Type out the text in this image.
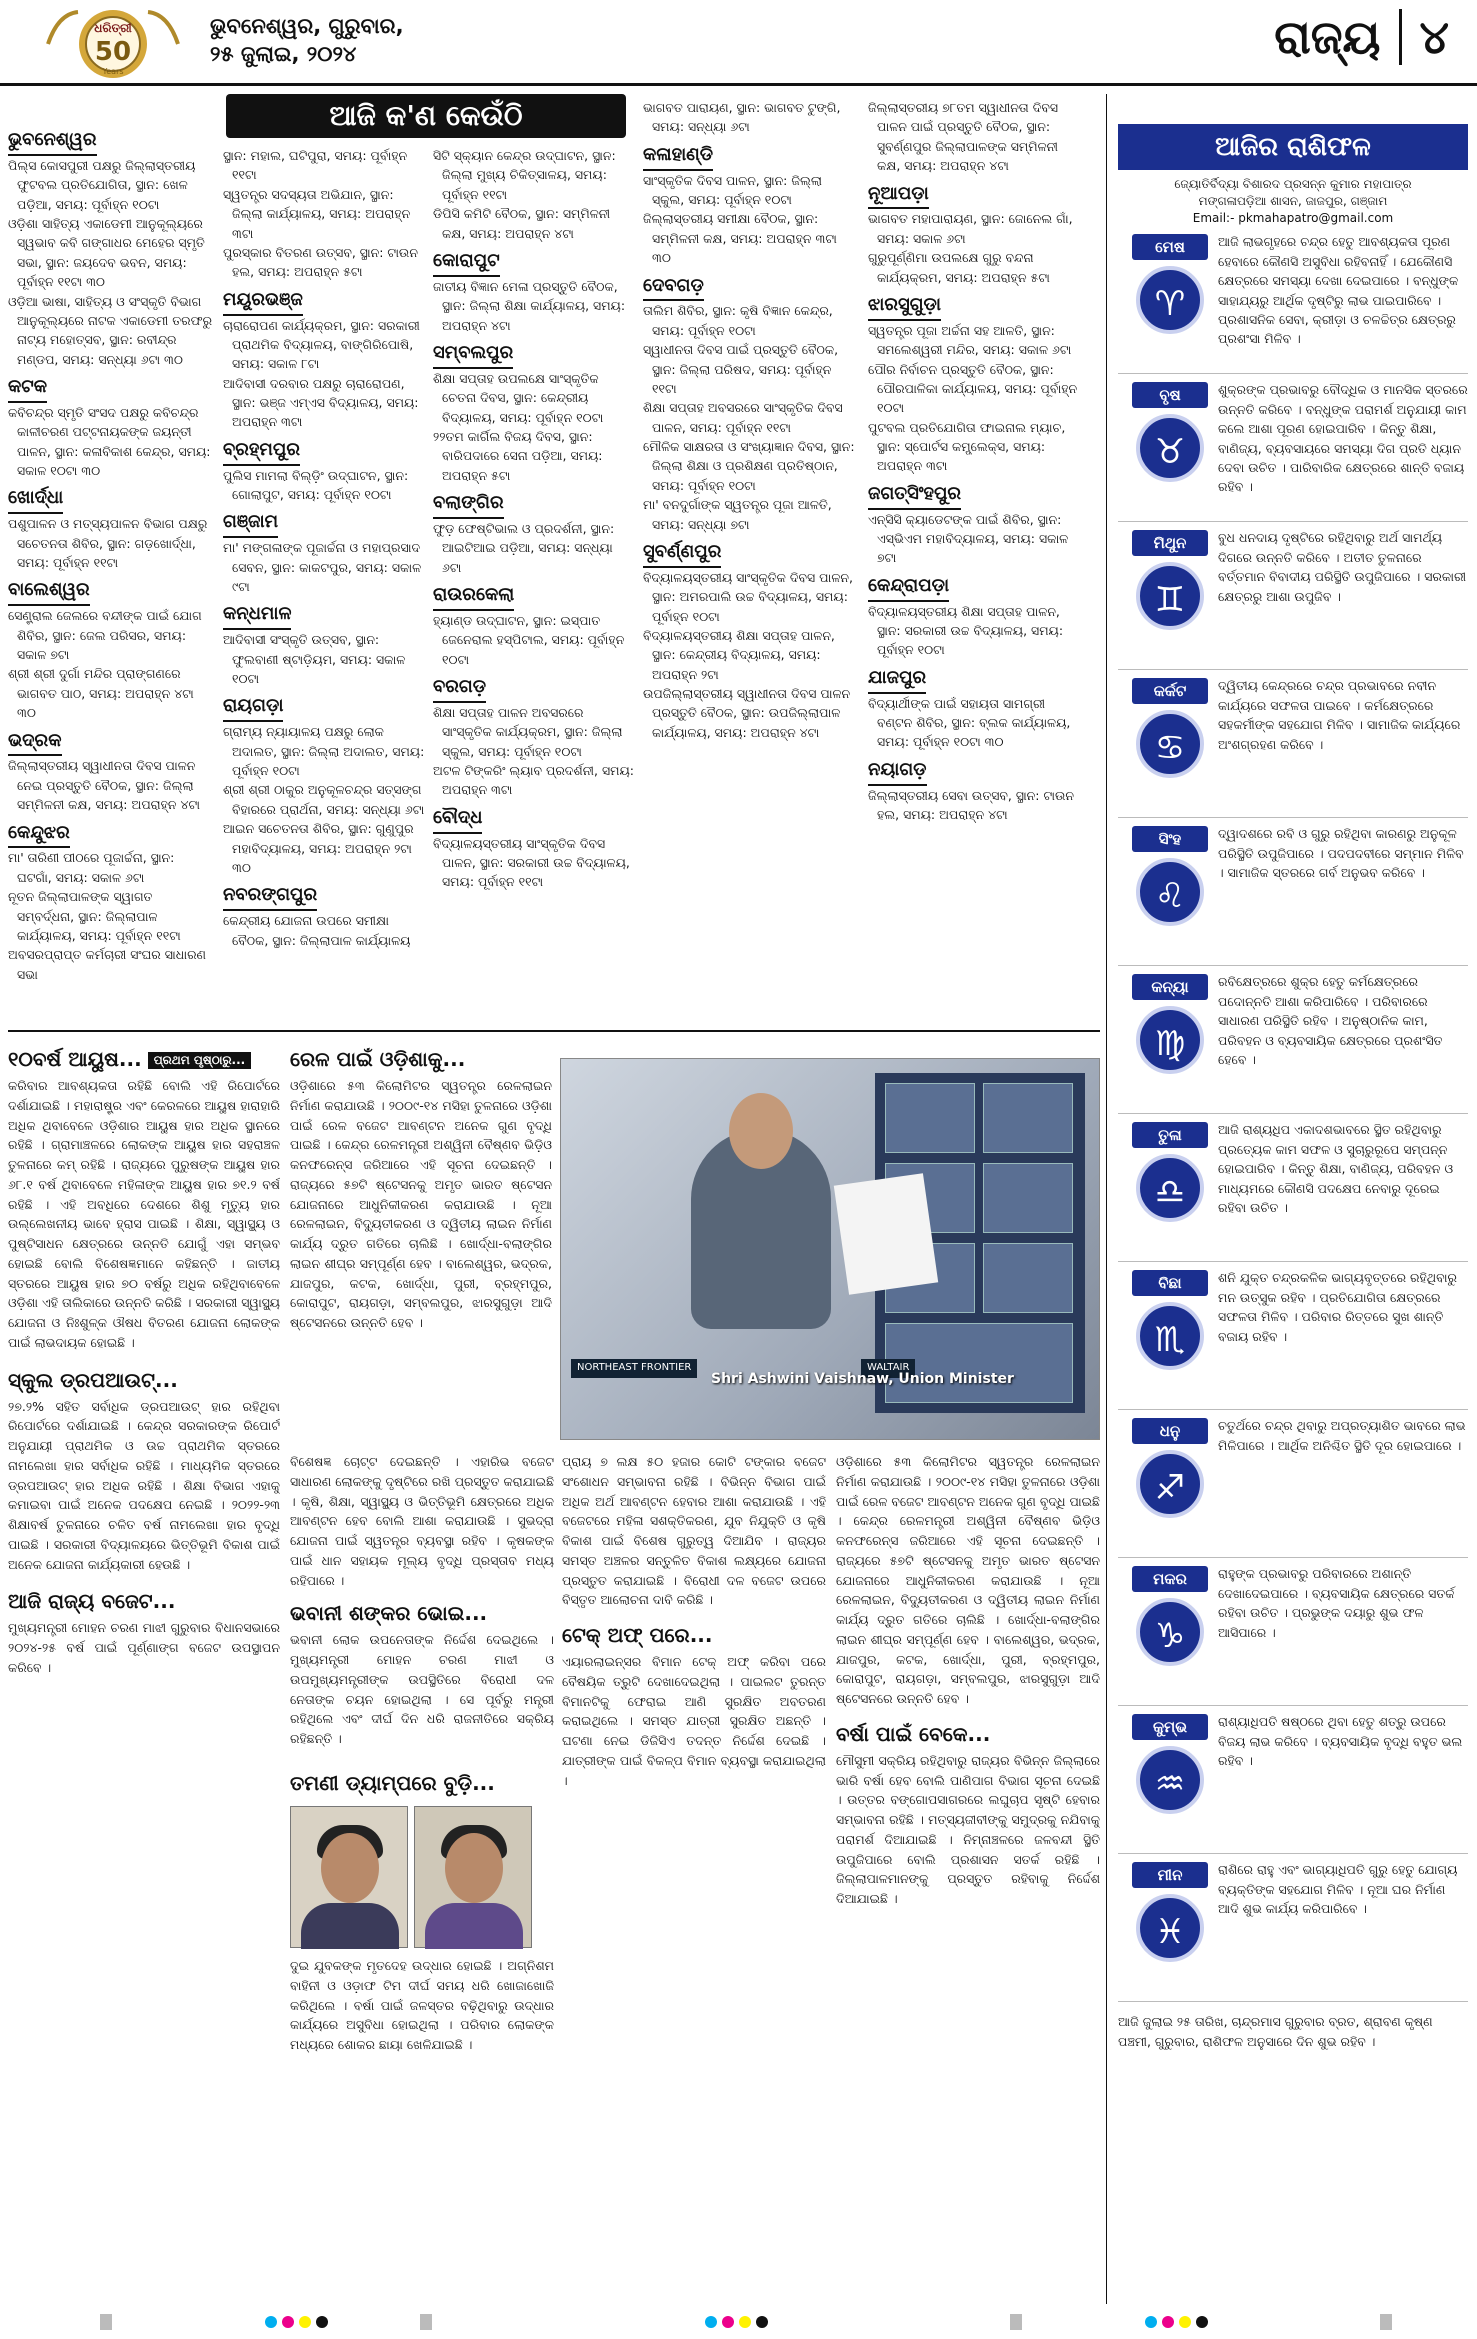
ଧରିତ୍ରୀ
50
Years
ଭୁବନେଶ୍ୱର, ଗୁରୁବାର,
୨୫ ଜୁଲାଇ, ୨୦୨୪	ରାଜ୍ୟ ୪
ଆଜି କ'ଣ କେଉଁଠି
ଭୁବନେଶ୍ୱର
ପିଲ୍ସ କୋସପୁରୀ ପକ୍ଷରୁ ଜିଲ୍ଲାସ୍ତରୀୟ ଫୁଟବଲ ପ୍ରତିଯୋଗିତା, ସ୍ଥାନ: ଖେଳ ପଡ଼ିଆ, ସମୟ: ପୂର୍ବାହ୍ନ ୧୦ଟା
ଓଡ଼ିଶା ସାହିତ୍ୟ ଏକାଡେମୀ ଆନୁକୂଲ୍ୟରେ ସ୍ୱଭାବ କବି ଗଙ୍ଗାଧର ମେହେର ସ୍ମୃତି ସଭା, ସ୍ଥାନ: ଜୟଦେବ ଭବନ, ସମୟ: ପୂର୍ବାହ୍ନ ୧୧ଟା ୩୦
ଓଡ଼ିଆ ଭାଷା, ସାହିତ୍ୟ ଓ ସଂସ୍କୃତି ବିଭାଗ ଆନୁକୂଲ୍ୟରେ ନାଟକ ଏକାଡେମୀ ତରଫରୁ ନାଟ୍ୟ ମହୋତ୍ସବ, ସ୍ଥାନ: ରବୀନ୍ଦ୍ର ମଣ୍ଡପ, ସମୟ: ସନ୍ଧ୍ୟା ୬ଟା ୩୦
କଟକ
କବିଚନ୍ଦ୍ର ସ୍ମୃତି ସଂସଦ ପକ୍ଷରୁ କବିଚନ୍ଦ୍ର କାଳୀଚରଣ ପଟ୍ଟନାୟକଙ୍କ ଜୟନ୍ତୀ ପାଳନ, ସ୍ଥାନ: କଳାବିକାଶ କେନ୍ଦ୍ର, ସମୟ: ସକାଳ ୧୦ଟା ୩୦
ଖୋର୍ଦ୍ଧା
ପଶୁପାଳନ ଓ ମତ୍ସ୍ୟପାଳନ ବିଭାଗ ପକ୍ଷରୁ ସଚେତନତା ଶିବିର, ସ୍ଥାନ: ଗଡ଼ଖୋର୍ଦ୍ଧା, ସମୟ: ପୂର୍ବାହ୍ନ ୧୧ଟା
ବାଲେଶ୍ୱର
ସେଣ୍ଟ୍ରାଲ ଜେଲରେ ବନ୍ଦୀଙ୍କ ପାଇଁ ଯୋଗ ଶିବିର, ସ୍ଥାନ: ଜେଲ ପରିସର, ସମୟ: ସକାଳ ୭ଟା
ଶ୍ରୀ ଶ୍ରୀ ଦୁର୍ଗା ମନ୍ଦିର ପ୍ରାଙ୍ଗଣରେ ଭାଗବତ ପାଠ, ସମୟ: ଅପରାହ୍ନ ୪ଟା ୩୦
ଭଦ୍ରକ
ଜିଲ୍ଲାସ୍ତରୀୟ ସ୍ୱାଧୀନତା ଦିବସ ପାଳନ ନେଇ ପ୍ରସ୍ତୁତି ବୈଠକ, ସ୍ଥାନ: ଜିଲ୍ଲା ସମ୍ମିଳନୀ କକ୍ଷ, ସମୟ: ଅପରାହ୍ନ ୪ଟା
କେନ୍ଦୁଝର
ମା' ତାରିଣୀ ପୀଠରେ ପୂଜାର୍ଚ୍ଚନା, ସ୍ଥାନ: ଘଟଗାଁ, ସମୟ: ସକାଳ ୬ଟା
ନୂତନ ଜିଲ୍ଲାପାଳଙ୍କ ସ୍ୱାଗତ ସମ୍ବର୍ଦ୍ଧନା, ସ୍ଥାନ: ଜିଲ୍ଲାପାଳ କାର୍ଯ୍ୟାଳୟ, ସମୟ: ପୂର୍ବାହ୍ନ ୧୧ଟା
ଅବସରପ୍ରାପ୍ତ କର୍ମଚାରୀ ସଂଘର ସାଧାରଣ ସଭା
ସ୍ଥାନ: ମହାଲ, ଘଟିପୁରା, ସମୟ: ପୂର୍ବାହ୍ନ ୧୧ଟା
ସ୍ୱତନ୍ତ୍ର ସଦସ୍ୟତା ଅଭିଯାନ, ସ୍ଥାନ: ଜିଲ୍ଲା କାର୍ଯ୍ୟାଳୟ, ସମୟ: ଅପରାହ୍ନ ୩ଟା
ପୁରସ୍କାର ବିତରଣ ଉତ୍ସବ, ସ୍ଥାନ: ଟାଉନ ହଲ, ସମୟ: ଅପରାହ୍ନ ୫ଟା
ମୟୂରଭଞ୍ଜ
ଚାରାରୋପଣ କାର୍ଯ୍ୟକ୍ରମ, ସ୍ଥାନ: ସରକାରୀ ପ୍ରାଥମିକ ବିଦ୍ୟାଳୟ, ବାଙ୍ଗିରିପୋଷି, ସମୟ: ସକାଳ ୮ଟା
ଆଦିବାସୀ ଦରବାର ପକ୍ଷରୁ ଚାରାରୋପଣ, ସ୍ଥାନ: ଭଞ୍ଜ ଏମ୍‌ଏସ ବିଦ୍ୟାଳୟ, ସମୟ: ଅପରାହ୍ନ ୩ଟା
ବ୍ରହ୍ମପୁର
ପୁଲିସ ମାମଲା ବିଲ୍ଡ଼ିଂ ଉଦ୍‌ଘାଟନ, ସ୍ଥାନ: ଗୋଲାପୁଟ, ସମୟ: ପୂର୍ବାହ୍ନ ୧୦ଟା
ଗଞ୍ଜାମ
ମା' ମଙ୍ଗଳାଙ୍କ ପୂଜାର୍ଚ୍ଚନା ଓ ମହାପ୍ରସାଦ ସେବନ, ସ୍ଥାନ: କାକଟପୁର, ସମୟ: ସକାଳ ୯ଟା
କନ୍ଧମାଳ
ଆଦିବାସୀ ସଂସ୍କୃତି ଉତ୍ସବ, ସ୍ଥାନ: ଫୁଲବାଣୀ ଷ୍ଟାଡ଼ିୟମ, ସମୟ: ସକାଳ ୧୦ଟା
ରାୟଗଡ଼ା
ଗ୍ରାମ୍ୟ ନ୍ୟାୟାଳୟ ପକ୍ଷରୁ ଲୋକ ଅଦାଲତ, ସ୍ଥାନ: ଜିଲ୍ଲା ଅଦାଲତ, ସମୟ: ପୂର୍ବାହ୍ନ ୧୦ଟା
ଶ୍ରୀ ଶ୍ରୀ ଠାକୁର ଅନୁକୂଳଚନ୍ଦ୍ର ସତ୍‌ସଙ୍ଗ ବିହାରରେ ପ୍ରାର୍ଥନା, ସମୟ: ସନ୍ଧ୍ୟା ୬ଟା
ଆଇନ ସଚେତନତା ଶିବିର, ସ୍ଥାନ: ଗୁଣୁପୁର ମହାବିଦ୍ୟାଳୟ, ସମୟ: ଅପରାହ୍ନ ୨ଟା ୩୦
ନବରଙ୍ଗପୁର
କେନ୍ଦ୍ରୀୟ ଯୋଜନା ଉପରେ ସମୀକ୍ଷା ବୈଠକ, ସ୍ଥାନ: ଜିଲ୍ଲାପାଳ କାର୍ଯ୍ୟାଳୟ
ସିଟି ସ୍କ୍ୟାନ କେନ୍ଦ୍ର ଉଦ୍‌ଘାଟନ, ସ୍ଥାନ: ଜିଲ୍ଲା ମୁଖ୍ୟ ଚିକିତ୍ସାଳୟ, ସମୟ: ପୂର୍ବାହ୍ନ ୧୧ଟା
ଡିପିସି କମିଟି ବୈଠକ, ସ୍ଥାନ: ସମ୍ମିଳନୀ କକ୍ଷ, ସମୟ: ଅପରାହ୍ନ ୪ଟା
କୋରାପୁଟ
ଜାତୀୟ ବିଜ୍ଞାନ ମେଳା ପ୍ରସ୍ତୁତି ବୈଠକ, ସ୍ଥାନ: ଜିଲ୍ଲା ଶିକ୍ଷା କାର୍ଯ୍ୟାଳୟ, ସମୟ: ଅପରାହ୍ନ ୪ଟା
ସମ୍ବଲପୁର
ଶିକ୍ଷା ସପ୍ତାହ ଉପଲକ୍ଷେ ସାଂସ୍କୃତିକ ଚେତନା ଦିବସ, ସ୍ଥାନ: କେନ୍ଦ୍ରୀୟ ବିଦ୍ୟାଳୟ, ସମୟ: ପୂର୍ବାହ୍ନ ୧୦ଟା
୨୨ତମ କାର୍ଗିଲ ବିଜୟ ଦିବସ, ସ୍ଥାନ: ବାରିପଦାରେ ସେନା ପଡ଼ିଆ, ସମୟ: ଅପରାହ୍ନ ୫ଟା
ବଲାଙ୍ଗିର
ଫୁଡ଼ ଫେଷ୍ଟିଭାଲ ଓ ପ୍ରଦର୍ଶନୀ, ସ୍ଥାନ: ଆଇଟିଆଇ ପଡ଼ିଆ, ସମୟ: ସନ୍ଧ୍ୟା ୬ଟା
ରାଉରକେଲା
ହ୍ୟାଣ୍ଡ ଉଦ୍‌ଘାଟନ, ସ୍ଥାନ: ଇସ୍ପାତ ଜେନେରାଲ ହସ୍ପିଟାଲ, ସମୟ: ପୂର୍ବାହ୍ନ ୧୦ଟା
ବରଗଡ଼
ଶିକ୍ଷା ସପ୍ତାହ ପାଳନ ଅବସରରେ ସାଂସ୍କୃତିକ କାର୍ଯ୍ୟକ୍ରମ, ସ୍ଥାନ: ଜିଲ୍ଲା ସ୍କୁଲ, ସମୟ: ପୂର୍ବାହ୍ନ ୧୦ଟା
ଅଟଳ ଟିଙ୍କରିଂ ଲ୍ୟାବ ପ୍ରଦର୍ଶନୀ, ସମୟ: ଅପରାହ୍ନ ୩ଟା
ବୌଦ୍ଧ
ବିଦ୍ୟାଳୟସ୍ତରୀୟ ସାଂସ୍କୃତିକ ଦିବସ ପାଳନ, ସ୍ଥାନ: ସରକାରୀ ଉଚ୍ଚ ବିଦ୍ୟାଳୟ, ସମୟ: ପୂର୍ବାହ୍ନ ୧୧ଟା
ଭାଗବତ ପାରାୟଣ, ସ୍ଥାନ: ଭାଗବତ ଟୁଙ୍ଗି, ସମୟ: ସନ୍ଧ୍ୟା ୬ଟା
କଳାହାଣ୍ଡି
ସାଂସ୍କୃତିକ ଦିବସ ପାଳନ, ସ୍ଥାନ: ଜିଲ୍ଲା ସ୍କୁଲ, ସମୟ: ପୂର୍ବାହ୍ନ ୧୦ଟା
ଜିଲ୍ଲାସ୍ତରୀୟ ସମୀକ୍ଷା ବୈଠକ, ସ୍ଥାନ: ସମ୍ମିଳନୀ କକ୍ଷ, ସମୟ: ଅପରାହ୍ନ ୩ଟା ୩୦
ଦେବଗଡ଼
ତାଲିମ ଶିବିର, ସ୍ଥାନ: କୃଷି ବିଜ୍ଞାନ କେନ୍ଦ୍ର, ସମୟ: ପୂର୍ବାହ୍ନ ୧୦ଟା
ସ୍ୱାଧୀନତା ଦିବସ ପାଇଁ ପ୍ରସ୍ତୁତି ବୈଠକ, ସ୍ଥାନ: ଜିଲ୍ଲା ପରିଷଦ, ସମୟ: ପୂର୍ବାହ୍ନ ୧୧ଟା
ଶିକ୍ଷା ସପ୍ତାହ ଅବସରରେ ସାଂସ୍କୃତିକ ଦିବସ ପାଳନ, ସମୟ: ପୂର୍ବାହ୍ନ ୧୧ଟା
ମୌଳିକ ସାକ୍ଷରତା ଓ ସଂଖ୍ୟାଜ୍ଞାନ ଦିବସ, ସ୍ଥାନ: ଜିଲ୍ଲା ଶିକ୍ଷା ଓ ପ୍ରଶିକ୍ଷଣ ପ୍ରତିଷ୍ଠାନ, ସମୟ: ପୂର୍ବାହ୍ନ ୧୦ଟା
ମା' ବନଦୁର୍ଗାଙ୍କ ସ୍ୱତନ୍ତ୍ର ପୂଜା ଆଳତି, ସମୟ: ସନ୍ଧ୍ୟା ୭ଟା
ସୁବର୍ଣ୍ଣପୁର
ବିଦ୍ୟାଳୟସ୍ତରୀୟ ସାଂସ୍କୃତିକ ଦିବସ ପାଳନ, ସ୍ଥାନ: ଅମରପାଲି ଉଚ୍ଚ ବିଦ୍ୟାଳୟ, ସମୟ: ପୂର୍ବାହ୍ନ ୧୦ଟା
ବିଦ୍ୟାଳୟସ୍ତରୀୟ ଶିକ୍ଷା ସପ୍ତାହ ପାଳନ, ସ୍ଥାନ: କେନ୍ଦ୍ରୀୟ ବିଦ୍ୟାଳୟ, ସମୟ: ଅପରାହ୍ନ ୨ଟା
ଉପଜିଲ୍ଲାସ୍ତରୀୟ ସ୍ୱାଧୀନତା ଦିବସ ପାଳନ ପ୍ରସ୍ତୁତି ବୈଠକ, ସ୍ଥାନ: ଉପଜିଲ୍ଲାପାଳ କାର୍ଯ୍ୟାଳୟ, ସମୟ: ଅପରାହ୍ନ ୪ଟା
ଜିଲ୍ଲାସ୍ତରୀୟ ୭୮ତମ ସ୍ୱାଧୀନତା ଦିବସ ପାଳନ ପାଇଁ ପ୍ରସ୍ତୁତି ବୈଠକ, ସ୍ଥାନ: ସୁବର୍ଣ୍ଣପୁର ଜିଲ୍ଲାପାଳଙ୍କ ସମ୍ମିଳନୀ କକ୍ଷ, ସମୟ: ଅପରାହ୍ନ ୪ଟା
ନୂଆପଡ଼ା
ଭାଗବତ ମହାପାରାୟଣ, ସ୍ଥାନ: ଜୋନେଲ ଗାଁ, ସମୟ: ସକାଳ ୬ଟା
ଗୁରୁପୂର୍ଣ୍ଣିମା ଉପଲକ୍ଷେ ଗୁରୁ ବନ୍ଦନା କାର୍ଯ୍ୟକ୍ରମ, ସମୟ: ଅପରାହ୍ନ ୫ଟା
ଝାରସୁଗୁଡ଼ା
ସ୍ୱତନ୍ତ୍ର ପୂଜା ଅର୍ଚ୍ଚନା ସହ ଆଳତି, ସ୍ଥାନ: ସମଲେଶ୍ୱରୀ ମନ୍ଦିର, ସମୟ: ସକାଳ ୬ଟା
ପୌର ନିର୍ବାଚନ ପ୍ରସ୍ତୁତି ବୈଠକ, ସ୍ଥାନ: ପୌରପାଳିକା କାର୍ଯ୍ୟାଳୟ, ସମୟ: ପୂର୍ବାହ୍ନ ୧୦ଟା
ପୁଟବଲ ପ୍ରତିଯୋଗିତା ଫାଇନାଲ ମ୍ୟାଚ, ସ୍ଥାନ: ସ୍ପୋର୍ଟସ କମ୍ପ୍ଲେକ୍ସ, ସମୟ: ଅପରାହ୍ନ ୩ଟା
ଜଗତ୍‌ସିଂହପୁର
ଏନ୍‌ସିସି କ୍ୟାଡେଟଙ୍କ ପାଇଁ ଶିବିର, ସ୍ଥାନ: ଏସ୍‌ଭିଏମ ମହାବିଦ୍ୟାଳୟ, ସମୟ: ସକାଳ ୭ଟା
କେନ୍ଦ୍ରାପଡ଼ା
ବିଦ୍ୟାଳୟସ୍ତରୀୟ ଶିକ୍ଷା ସପ୍ତାହ ପାଳନ, ସ୍ଥାନ: ସରକାରୀ ଉଚ୍ଚ ବିଦ୍ୟାଳୟ, ସମୟ: ପୂର୍ବାହ୍ନ ୧୦ଟା
ଯାଜପୁର
ବିଦ୍ୟାର୍ଥୀଙ୍କ ପାଇଁ ସହାୟତା ସାମଗ୍ରୀ ବଣ୍ଟନ ଶିବିର, ସ୍ଥାନ: ବ୍ଲକ କାର୍ଯ୍ୟାଳୟ, ସମୟ: ପୂର୍ବାହ୍ନ ୧୦ଟା ୩୦
ନୟାଗଡ଼
ଜିଲ୍ଲାସ୍ତରୀୟ ସେବା ଉତ୍ସବ, ସ୍ଥାନ: ଟାଉନ ହଲ, ସମୟ: ଅପରାହ୍ନ ୪ଟା
ଆଜିର ରାଶିଫଳ
ଜ୍ୟୋତିର୍ବିଦ୍ୟା ବିଶାରଦ ପ୍ରସନ୍ନ କୁମାର ମହାପାତ୍ର
ମଙ୍ଗଳାପଡ଼ିଆ ଶାସନ, ଜାଜପୁର, ଗଞ୍ଜାମ
Email:- pkmahapatro@gmail.com
ମେଷ
♈
ଆଜି ଲାଭଗୃହରେ ଚନ୍ଦ୍ର ହେତୁ ଆବଶ୍ୟକତା ପୂରଣ ହେବାରେ କୌଣସି ଅସୁବିଧା ରହିବନାହିଁ । ଯେକୌଣସି କ୍ଷେତ୍ରରେ ସମସ୍ୟା ଦେଖା ଦେଇପାରେ । ବନ୍ଧୁଙ୍କ ସାହାଯ୍ୟରୁ ଆର୍ଥିକ ଦୃଷ୍ଟିରୁ ଲାଭ ପାଇପାରିବେ । ପ୍ରଶାସନିକ ସେବା, କ୍ରୀଡ଼ା ଓ ଚଳଚ୍ଚିତ୍ର କ୍ଷେତ୍ରରୁ ପ୍ରଶଂସା ମିଳିବ ।
ବୃଷ
♉
ଶୁକ୍ରଙ୍କ ପ୍ରଭାବରୁ ବୌଦ୍ଧିକ ଓ ମାନସିକ ସ୍ତରରେ ଉନ୍ନତି କରିବେ । ବନ୍ଧୁଙ୍କ ପରାମର୍ଶ ଅନୁଯାୟୀ କାମ କଲେ ଆଶା ପୂରଣ ହୋଇପାରିବ । କିନ୍ତୁ ଶିକ୍ଷା, ବାଣିଜ୍ୟ, ବ୍ୟବସାୟରେ ସମସ୍ୟା ଦିଗ ପ୍ରତି ଧ୍ୟାନ ଦେବା ଉଚିତ । ପାରିବାରିକ କ୍ଷେତ୍ରରେ ଶାନ୍ତି ବଜାୟ ରହିବ ।
ମିଥୁନ
♊
ବୁଧ ଧନଦାୟ ଦୃଷ୍ଟିରେ ରହିଥିବାରୁ ଅର୍ଥ ସାମର୍ଥ୍ୟ ଦିଗରେ ଉନ୍ନତି କରିବେ । ଅତୀତ ତୁଳନାରେ ବର୍ତ୍ତମାନ ବିବାଦୀୟ ପରିସ୍ଥିତି ଉପୁଜିପାରେ । ସରକାରୀ କ୍ଷେତ୍ରରୁ ଆଶା ଉପୁଜିବ ।
କର୍କଟ
♋
ଦ୍ୱିତୀୟ କେନ୍ଦ୍ରରେ ଚନ୍ଦ୍ର ପ୍ରଭାବରେ ନବୀନ କାର୍ଯ୍ୟରେ ସଫଳତା ପାଇବେ । କର୍ମକ୍ଷେତ୍ରରେ ସହକର୍ମୀଙ୍କ ସହଯୋଗ ମିଳିବ । ସାମାଜିକ କାର୍ଯ୍ୟରେ ଅଂଶଗ୍ରହଣ କରିବେ ।
ସିଂହ
♌
ଦ୍ୱାଦଶରେ ରବି ଓ ଗୁରୁ ରହିଥିବା କାରଣରୁ ଅନୁକୂଳ ପରିସ୍ଥିତି ଉପୁଜିପାରେ । ପଦପଦବୀରେ ସମ୍ମାନ ମିଳିବ । ସାମାଜିକ ସ୍ତରରେ ଗର୍ବ ଅନୁଭବ କରିବେ ।
କନ୍ୟା
♍
ରବିକ୍ଷେତ୍ରରେ ଶୁକ୍ର ହେତୁ କର୍ମକ୍ଷେତ୍ରରେ ପଦୋନ୍ନତି ଆଶା କରିପାରିବେ । ପରିବାରରେ ସାଧାରଣ ପରିସ୍ଥିତି ରହିବ । ଅନୁଷ୍ଠାନିକ କାମ, ପରିବହନ ଓ ବ୍ୟବସାୟିକ କ୍ଷେତ୍ରରେ ପ୍ରଶଂସିତ ହେବେ ।
ତୁଳା
♎
ଆଜି ରାଶ୍ୟଧିପ ଏକାଦଶଭାବରେ ସ୍ଥିତ ରହିଥିବାରୁ ପ୍ରତ୍ୟେକ କାମ ସଫଳ ଓ ସୁଚାରୁରୂପେ ସମ୍ପନ୍ନ ହୋଇପାରିବ । କିନ୍ତୁ ଶିକ୍ଷା, ବାଣିଜ୍ୟ, ପରିବହନ ଓ ମାଧ୍ୟମରେ କୌଣସି ପଦକ୍ଷେପ ନେବାରୁ ଦୂରେଇ ରହିବା ଉଚିତ ।
ବିଛା
♏
ଶନି ଯୁକ୍ତ ଚନ୍ଦ୍ରକଳିକ ଭାଗ୍ୟବୃତ୍ତରେ ରହିଥିବାରୁ ମନ ଉତ୍ସୁକ ରହିବ । ପ୍ରତିଯୋଗିତା କ୍ଷେତ୍ରରେ ସଫଳତା ମିଳିବ । ପରିବାର ରିତ୍ତରେ ସୁଖ ଶାନ୍ତି ବଜାୟ ରହିବ ।
ଧନୁ
♐
ଚତୁର୍ଥରେ ଚନ୍ଦ୍ର ଥିବାରୁ ଅପ୍ରତ୍ୟାଶିତ ଭାବରେ ଲାଭ ମିଳିପାରେ । ଆର୍ଥିକ ଅନିଶ୍ଚିତ ସ୍ଥିତି ଦୂର ହୋଇପାରେ ।
ମକର
♑
ରାହୁଙ୍କ ପ୍ରଭାବରୁ ପରିବାରରେ ଅଶାନ୍ତି ଦେଖାଦେଇପାରେ । ବ୍ୟବସାୟିକ କ୍ଷେତ୍ରରେ ସତର୍କ ରହିବା ଉଚିତ । ପ୍ରଭୁଙ୍କ ଦୟାରୁ ଶୁଭ ଫଳ ଆସିପାରେ ।
କୁମ୍ଭ
♒
ରାଶ୍ୟାଧିପତି ଷଷ୍ଠରେ ଥିବା ହେତୁ ଶତ୍ରୁ ଉପରେ ବିଜୟ ଲାଭ କରିବେ । ବ୍ୟବସାୟିକ ବୃଦ୍ଧି ବହୁତ ଭଲ ରହିବ ।
ମୀନ
♓
ରାଶିରେ ରାହୁ ଏବଂ ଭାଗ୍ୟାଧିପତି ଗୁରୁ ହେତୁ ଯୋଗ୍ୟ ବ୍ୟକ୍ତିଙ୍କ ସହଯୋଗ ମିଳିବ । ନୂଆ ଘର ନିର୍ମାଣ ଆଦି ଶୁଭ କାର୍ଯ୍ୟ କରିପାରିବେ ।
ଆଜି ଜୁଲାଇ ୨୫ ତାରିଖ, ଚାନ୍ଦ୍ରମାସ ଗୁରୁବାର ବ୍ରତ, ଶ୍ରାବଣ କୃଷ୍ଣ ପଞ୍ଚମୀ, ଗୁରୁବାର, ରାଶିଫଳ ଅନୁସାରେ ଦିନ ଶୁଭ ରହିବ ।
୧୦ବର୍ଷ ଆୟୁଷ... ପ୍ରଥମ ପୃଷ୍ଠାରୁ...

କରିବାର ଆବଶ୍ୟକତା ରହିଛି ବୋଲି ଏହି ରିପୋର୍ଟରେ ଦର୍ଶାଯାଇଛି । ମହାରାଷ୍ଟ୍ର ଏବଂ କେରଳରେ ଆୟୁଷ ହାରାହାରି ଅଧିକ ଥିବାବେଳେ ଓଡ଼ିଶାର ଆୟୁଷ ହାର ଅଧିକ ସ୍ଥାନରେ ରହିଛି । ଗ୍ରାମାଞ୍ଚଳରେ ଲୋକଙ୍କ ଆୟୁଷ ହାର ସହରାଞ୍ଚଳ ତୁଳନାରେ କମ୍ ରହିଛି । ରାଜ୍ୟରେ ପୁରୁଷଙ୍କ ଆୟୁଷ ହାର ୬୮.୧ ବର୍ଷ ଥିବାବେଳେ ମହିଳାଙ୍କ ଆୟୁଷ ହାର ୭୧.୨ ବର୍ଷ ରହିଛି । ଏହି ଅବଧିରେ ଦେଶରେ ଶିଶୁ ମୃତ୍ୟୁ ହାର ଉଲ୍ଲେଖନୀୟ ଭାବେ ହ୍ରାସ ପାଇଛି । ଶିକ୍ଷା, ସ୍ୱାସ୍ଥ୍ୟ ଓ ପୁଷ୍ଟିସାଧନ କ୍ଷେତ୍ରରେ ଉନ୍ନତି ଯୋଗୁଁ ଏହା ସମ୍ଭବ ହୋଇଛି ବୋଲି ବିଶେଷଜ୍ଞମାନେ କହିଛନ୍ତି । ଜାତୀୟ ସ୍ତରରେ ଆୟୁଷ ହାର ୭୦ ବର୍ଷରୁ ଅଧିକ ରହିଥିବାବେଳେ ଓଡ଼ିଶା ଏହି ତାଲିକାରେ ଉନ୍ନତି କରିଛି । ସରକାରୀ ସ୍ୱାସ୍ଥ୍ୟ ଯୋଜନା ଓ ନିଃଶୁଳ୍କ ଔଷଧ ବିତରଣ ଯୋଜନା ଲୋକଙ୍କ ପାଇଁ ଲାଭଦାୟକ ହୋଇଛି ।

ସ୍କୁଲ ଡ୍ରପଆଉଟ୍...

୨୭.୨% ସହିତ ସର୍ବାଧିକ ଡ୍ରପଆଉଟ୍ ହାର ରହିଥିବା ରିପୋର୍ଟରେ ଦର୍ଶାଯାଇଛି । କେନ୍ଦ୍ର ସରକାରଙ୍କ ରିପୋର୍ଟ ଅନୁଯାୟୀ ପ୍ରାଥମିକ ଓ ଉଚ୍ଚ ପ୍ରାଥମିକ ସ୍ତରରେ ନାମଲେଖା ହାର ସର୍ବାଧିକ ରହିଛି । ମାଧ୍ୟମିକ ସ୍ତରରେ ଡ୍ରପଆଉଟ୍ ହାର ଅଧିକ ରହିଛି । ଶିକ୍ଷା ବିଭାଗ ଏହାକୁ କମାଇବା ପାଇଁ ଅନେକ ପଦକ୍ଷେପ ନେଇଛି । ୨୦୨୨-୨୩ ଶିକ୍ଷାବର୍ଷ ତୁଳନାରେ ଚଳିତ ବର୍ଷ ନାମଲେଖା ହାର ବୃଦ୍ଧି ପାଇଛି । ସରକାରୀ ବିଦ୍ୟାଳୟରେ ଭିତ୍ତିଭୂମି ବିକାଶ ପାଇଁ ଅନେକ ଯୋଜନା କାର୍ଯ୍ୟକାରୀ ହେଉଛି ।

ଆଜି ରାଜ୍ୟ ବଜେଟ...

ମୁଖ୍ୟମନ୍ତ୍ରୀ ମୋହନ ଚରଣ ମାଝୀ ଗୁରୁବାର ବିଧାନସଭାରେ ୨୦୨୪-୨୫ ବର୍ଷ ପାଇଁ ପୂର୍ଣ୍ଣାଙ୍ଗ ବଜେଟ ଉପସ୍ଥାପନ କରିବେ ।

ରେଳ ପାଇଁ ଓଡ଼ିଶାକୁ...

ଓଡ଼ିଶାରେ ୫୩ କିଲୋମିଟର ସ୍ୱତନ୍ତ୍ର ରେଳଲାଇନ ନିର୍ମାଣ କରାଯାଉଛି । ୨୦୦୯-୧୪ ମସିହା ତୁଳନାରେ ଓଡ଼ିଶା ପାଇଁ ରେଳ ବଜେଟ ଆବଣ୍ଟନ ଅନେକ ଗୁଣ ବୃଦ୍ଧି ପାଇଛି । କେନ୍ଦ୍ର ରେଳମନ୍ତ୍ରୀ ଅଶ୍ୱିନୀ ବୈଷ୍ଣବ ଭିଡ଼ିଓ କନଫରେନ୍ସ ଜରିଆରେ ଏହି ସୂଚନା ଦେଇଛନ୍ତି । ରାଜ୍ୟରେ ୫୭ଟି ଷ୍ଟେସନକୁ ଅମୃତ ଭାରତ ଷ୍ଟେସନ ଯୋଜନାରେ ଆଧୁନିକୀକରଣ କରାଯାଉଛି । ନୂଆ ରେଳଲାଇନ, ବିଦ୍ୟୁତୀକରଣ ଓ ଦ୍ୱିତୀୟ ଲାଇନ ନିର୍ମାଣ କାର୍ଯ୍ୟ ଦ୍ରୁତ ଗତିରେ ଚାଲିଛି । ଖୋର୍ଦ୍ଧା-ବଲାଙ୍ଗିର ଲାଇନ ଶୀଘ୍ର ସମ୍ପୂର୍ଣ୍ଣ ହେବ । ବାଲେଶ୍ୱର, ଭଦ୍ରକ, ଯାଜପୁର, କଟକ, ଖୋର୍ଦ୍ଧା, ପୁରୀ, ବ୍ରହ୍ମପୁର, କୋରାପୁଟ, ରାୟଗଡ଼ା, ସମ୍ବଲପୁର, ଝାରସୁଗୁଡ଼ା ଆଦି ଷ୍ଟେସନରେ ଉନ୍ନତି ହେବ ।

NORTHEAST FRONTIER	WALTAIR
Shri Ashwini Vaishnaw, Union Minister

ବିଶେଷଜ୍ଞ ଚୋଟ୍ଟ ଦେଇଛନ୍ତି । ଏହାରିଭ ବଜେଟ ସାଧାରଣ ଲୋକଙ୍କୁ ଦୃଷ୍ଟିରେ ରଖି ପ୍ରସ୍ତୁତ କରାଯାଇଛି । କୃଷି, ଶିକ୍ଷା, ସ୍ୱାସ୍ଥ୍ୟ ଓ ଭିତ୍ତିଭୂମି କ୍ଷେତ୍ରରେ ଅଧିକ ଆବଣ୍ଟନ ହେବ ବୋଲି ଆଶା କରାଯାଉଛି । ସୁଭଦ୍ରା ଯୋଜନା ପାଇଁ ସ୍ୱତନ୍ତ୍ର ବ୍ୟବସ୍ଥା ରହିବ । କୃଷକଙ୍କ ପାଇଁ ଧାନ ସହାୟକ ମୂଲ୍ୟ ବୃଦ୍ଧି ପ୍ରସ୍ତାବ ମଧ୍ୟ ରହିପାରେ ।

ଭବାନୀ ଶଙ୍କର ଭୋଇ...

ଭବାନୀ ଲୋକ ଉପନେତାଙ୍କ ନିର୍ଦ୍ଦେଶ ଦେଇଥିଲେ । ମୁଖ୍ୟମନ୍ତ୍ରୀ ମୋହନ ଚରଣ ମାଝୀ ଓ ଉପମୁଖ୍ୟମନ୍ତ୍ରୀଙ୍କ ଉପସ୍ଥିତିରେ ବିରୋଧୀ ଦଳ ନେତାଙ୍କ ଚୟନ ହୋଇଥିଲା । ସେ ପୂର୍ବରୁ ମନ୍ତ୍ରୀ ରହିଥିଲେ ଏବଂ ଦୀର୍ଘ ଦିନ ଧରି ରାଜନୀତିରେ ସକ୍ରିୟ ରହିଛନ୍ତି ।

ତମଣୀ ଡ୍ୟାମ୍ପରେ ବୁଡ଼ି...

ଦୁଇ ଯୁବକଙ୍କ ମୃତଦେହ ଉଦ୍ଧାର ହୋଇଛି । ଅଗ୍ନିଶମ ବାହିନୀ ଓ ଓଡ଼ାଫ ଟିମ ଦୀର୍ଘ ସମୟ ଧରି ଖୋଜାଖୋଜି କରିଥିଲେ । ବର୍ଷା ପାଇଁ ଜଳସ୍ତର ବଢ଼ିଥିବାରୁ ଉଦ୍ଧାର କାର୍ଯ୍ୟରେ ଅସୁବିଧା ହୋଇଥିଲା । ପରିବାର ଲୋକଙ୍କ ମଧ୍ୟରେ ଶୋକର ଛାୟା ଖେଳିଯାଇଛି ।

ପ୍ରାୟ ୭ ଲକ୍ଷ ୫୦ ହଜାର କୋଟି ଟଙ୍କାର ବଜେଟ ସଂଶୋଧନ ସମ୍ଭାବନା ରହିଛି । ବିଭିନ୍ନ ବିଭାଗ ପାଇଁ ଅଧିକ ଅର୍ଥ ଆବଣ୍ଟନ ହେବାର ଆଶା କରାଯାଉଛି । ଏହି ବଜେଟରେ ମହିଳା ସଶକ୍ତିକରଣ, ଯୁବ ନିଯୁକ୍ତି ଓ କୃଷି ବିକାଶ ପାଇଁ ବିଶେଷ ଗୁରୁତ୍ୱ ଦିଆଯିବ । ରାଜ୍ୟର ସମସ୍ତ ଅଞ୍ଚଳର ସନ୍ତୁଳିତ ବିକାଶ ଲକ୍ଷ୍ୟରେ ଯୋଜନା ପ୍ରସ୍ତୁତ କରାଯାଇଛି । ବିରୋଧୀ ଦଳ ବଜେଟ ଉପରେ ବିସ୍ତୃତ ଆଲୋଚନା ଦାବି କରିଛି ।

ଟେକ୍ ଅଫ୍ ପରେ...

ଏୟାରଲାଇନ୍ସର ବିମାନ ଟେକ୍ ଅଫ୍ କରିବା ପରେ ବୈଷୟିକ ତ୍ରୁଟି ଦେଖାଦେଇଥିଲା । ପାଇଲଟ ତୁରନ୍ତ ବିମାନଟିକୁ ଫେରାଇ ଆଣି ସୁରକ୍ଷିତ ଅବତରଣ କରାଇଥିଲେ । ସମସ୍ତ ଯାତ୍ରୀ ସୁରକ୍ଷିତ ଅଛନ୍ତି । ଘଟଣା ନେଇ ଡିଜିସିଏ ତଦନ୍ତ ନିର୍ଦ୍ଦେଶ ଦେଇଛି । ଯାତ୍ରୀଙ୍କ ପାଇଁ ବିକଳ୍ପ ବିମାନ ବ୍ୟବସ୍ଥା କରାଯାଇଥିଲା ।

ଓଡ଼ିଶାରେ ୫୩ କିଲୋମିଟର ସ୍ୱତନ୍ତ୍ର ରେଳଲାଇନ ନିର୍ମାଣ କରାଯାଉଛି । ୨୦୦୯-୧୪ ମସିହା ତୁଳନାରେ ଓଡ଼ିଶା ପାଇଁ ରେଳ ବଜେଟ ଆବଣ୍ଟନ ଅନେକ ଗୁଣ ବୃଦ୍ଧି ପାଇଛି । କେନ୍ଦ୍ର ରେଳମନ୍ତ୍ରୀ ଅଶ୍ୱିନୀ ବୈଷ୍ଣବ ଭିଡ଼ିଓ କନଫରେନ୍ସ ଜରିଆରେ ଏହି ସୂଚନା ଦେଇଛନ୍ତି । ରାଜ୍ୟରେ ୫୭ଟି ଷ୍ଟେସନକୁ ଅମୃତ ଭାରତ ଷ୍ଟେସନ ଯୋଜନାରେ ଆଧୁନିକୀକରଣ କରାଯାଉଛି । ନୂଆ ରେଳଲାଇନ, ବିଦ୍ୟୁତୀକରଣ ଓ ଦ୍ୱିତୀୟ ଲାଇନ ନିର୍ମାଣ କାର୍ଯ୍ୟ ଦ୍ରୁତ ଗତିରେ ଚାଲିଛି । ଖୋର୍ଦ୍ଧା-ବଲାଙ୍ଗିର ଲାଇନ ଶୀଘ୍ର ସମ୍ପୂର୍ଣ୍ଣ ହେବ । ବାଲେଶ୍ୱର, ଭଦ୍ରକ, ଯାଜପୁର, କଟକ, ଖୋର୍ଦ୍ଧା, ପୁରୀ, ବ୍ରହ୍ମପୁର, କୋରାପୁଟ, ରାୟଗଡ଼ା, ସମ୍ବଲପୁର, ଝାରସୁଗୁଡ଼ା ଆଦି ଷ୍ଟେସନରେ ଉନ୍ନତି ହେବ ।

ବର୍ଷା ପାଇଁ ବେକେ...

ମୌସୁମୀ ସକ୍ରିୟ ରହିଥିବାରୁ ରାଜ୍ୟର ବିଭିନ୍ନ ଜିଲ୍ଲାରେ ଭାରି ବର୍ଷା ହେବ ବୋଲି ପାଣିପାଗ ବିଭାଗ ସୂଚନା ଦେଇଛି । ଉତ୍ତର ବଙ୍ଗୋପସାଗରରେ ଲଘୁଚାପ ସୃଷ୍ଟି ହେବାର ସମ୍ଭାବନା ରହିଛି । ମତ୍ସ୍ୟଜୀବୀଙ୍କୁ ସମୁଦ୍ରକୁ ନଯିବାକୁ ପରାମର୍ଶ ଦିଆଯାଇଛି । ନିମ୍ନାଞ୍ଚଳରେ ଜଳବନ୍ଦୀ ସ୍ଥିତି ଉପୁଜିପାରେ ବୋଲି ପ୍ରଶାସନ ସତର୍କ ରହିଛି । ଜିଲ୍ଲାପାଳମାନଙ୍କୁ ପ୍ରସ୍ତୁତ ରହିବାକୁ ନିର୍ଦ୍ଦେଶ ଦିଆଯାଇଛି ।
